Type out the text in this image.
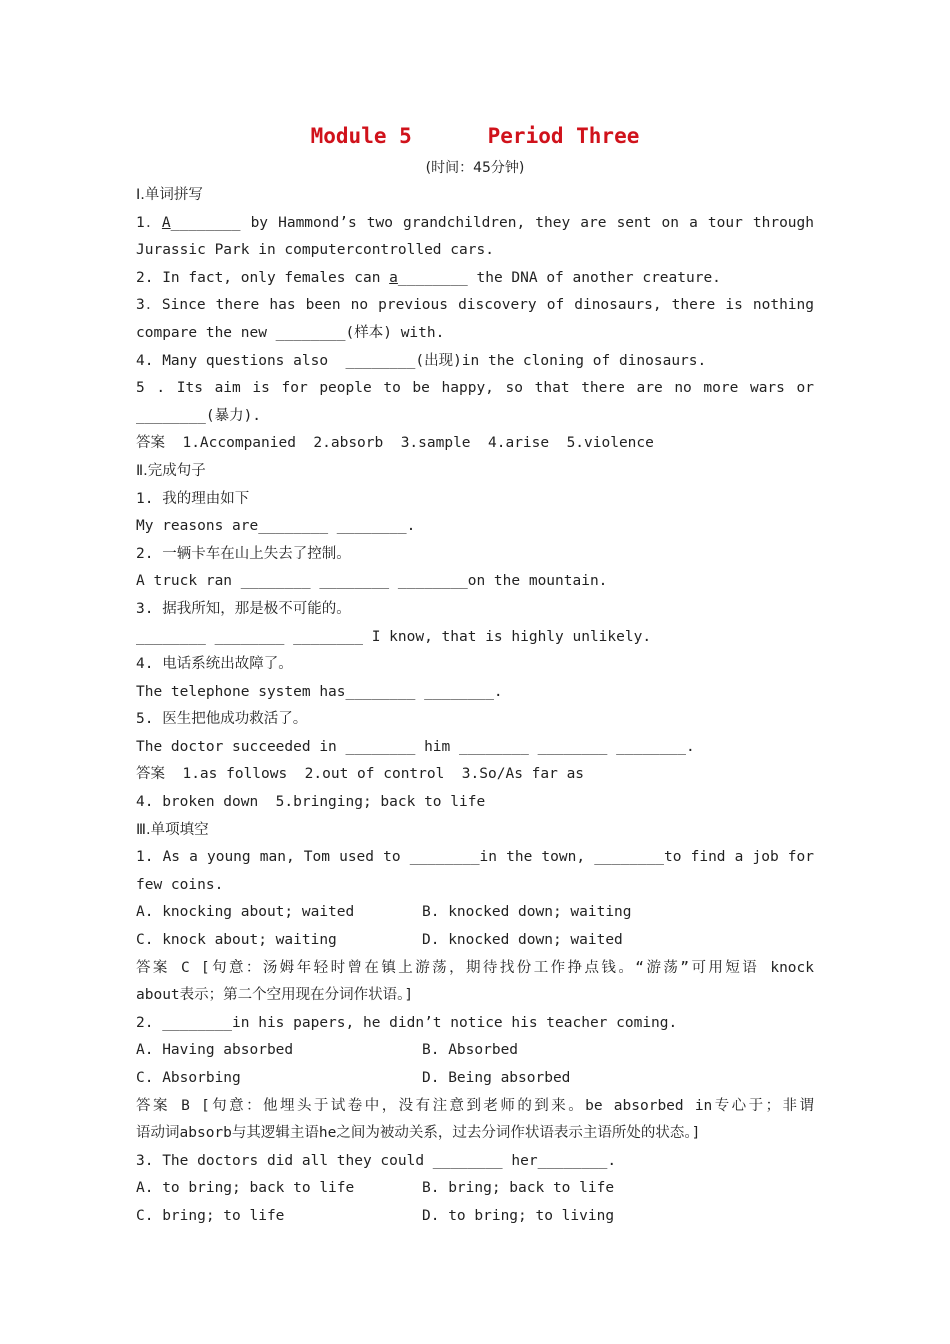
Module 5	Period Three
(时间：45分钟)
Ⅰ.单词拼写
1．A________ by Hammond’s two grandchildren, they are sent on a tour through
Jurassic Park in computercontrolled cars.
2. In fact, only females can a________ the DNA of another creature.
3．Since there has been no previous discovery of dinosaurs, there is nothing
compare the new ________(样本) with.
4. Many questions also  ________(出现)in the cloning of dinosaurs.
5 . Its aim is for people to be happy, so that there are no more wars or
________(暴力).
答案  1.Accompanied  2.absorb  3.sample  4.arise  5.violence
Ⅱ.完成句子
1. 我的理由如下
My reasons are________ ________.
2. 一辆卡车在山上失去了控制。
A truck ran ________ ________ ________on the mountain.
3. 据我所知，那是极不可能的。
________ ________ ________ I know, that is highly unlikely.
4. 电话系统出故障了。
The telephone system has________ ________.
5. 医生把他成功救活了。
The doctor succeeded in ________ him ________ ________ ________.
答案  1.as follows  2.out of control  3.So/As far as
4. broken down  5.bringing; back to life
Ⅲ.单项填空
1. As a young man, Tom used to ________in the town, ________to find a job for
few coins.
A. knocking about; waited	B. knocked down; waiting
C. knock about; waiting	D. knocked down; waited
答案 C [句意：汤姆年轻时曾在镇上游荡，期待找份工作挣点钱。“游荡”可用短语 knock
about表示；第二个空用现在分词作状语。]
2. ________in his papers, he didn’t notice his teacher coming.
A. Having absorbed	B. Absorbed
C. Absorbing	D. Being absorbed
答案 B [句意：他埋头于试卷中，没有注意到老师的到来。be absorbed in专心于；非谓
语动词absorb与其逻辑主语he之间为被动关系，过去分词作状语表示主语所处的状态。]
3. The doctors did all they could ________ her________.
A. to bring; back to life	B. bring; back to life
C. bring; to life	D. to bring; to living
